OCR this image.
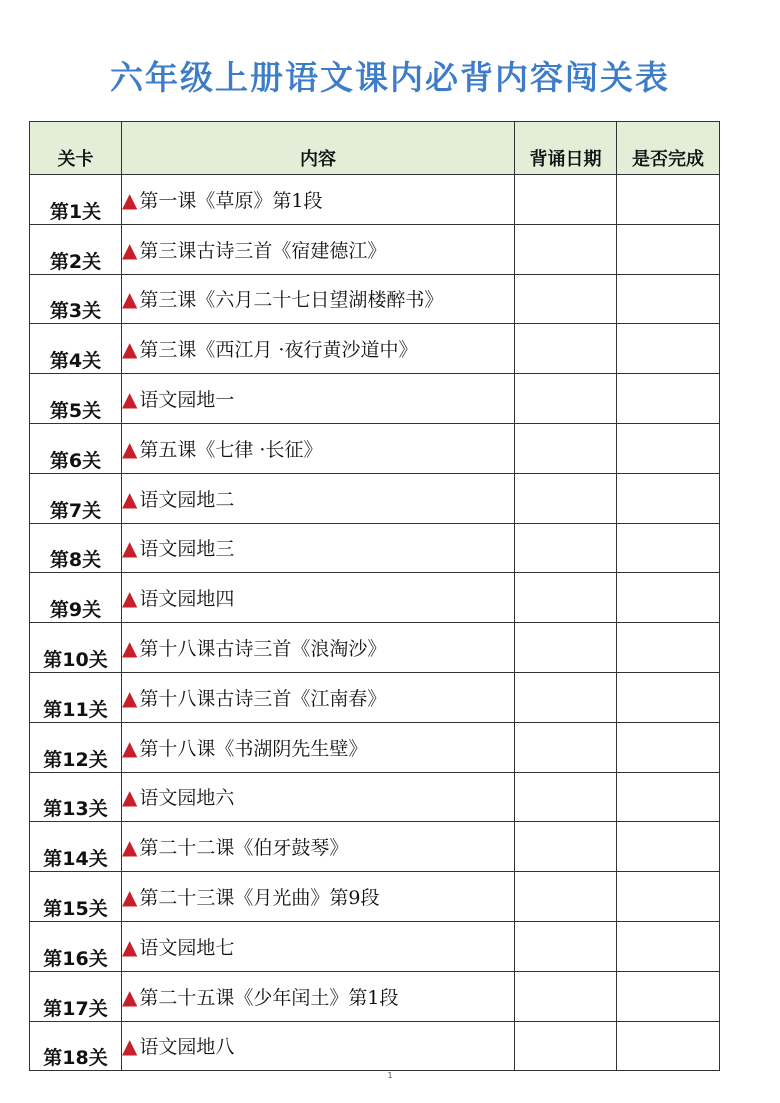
六年级上册语文课内必背内容闯关表
关卡	内容	背诵日期	是否完成
第1关	▲ 第一课《草原》第1段		
第2关	▲ 第三课古诗三首《宿建德江》		
第3关	▲ 第三课《六月二十七日望湖楼醉书》		
第4关	▲ 第三课《西江月 ·夜行黄沙道中》		
第5关	▲ 语文园地一		
第6关	▲ 第五课《七律 ·长征》		
第7关	▲ 语文园地二		
第8关	▲ 语文园地三		
第9关	▲ 语文园地四		
第10关	▲ 第十八课古诗三首《浪淘沙》		
第11关	▲ 第十八课古诗三首《江南春》		
第12关	▲ 第十八课《书湖阴先生壁》		
第13关	▲ 语文园地六		
第14关	▲ 第二十二课《伯牙鼓琴》		
第15关	▲ 第二十三课《月光曲》第9段		
第16关	▲ 语文园地七		
第17关	▲ 第二十五课《少年闰土》第1段		
第18关	▲ 语文园地八		
1
